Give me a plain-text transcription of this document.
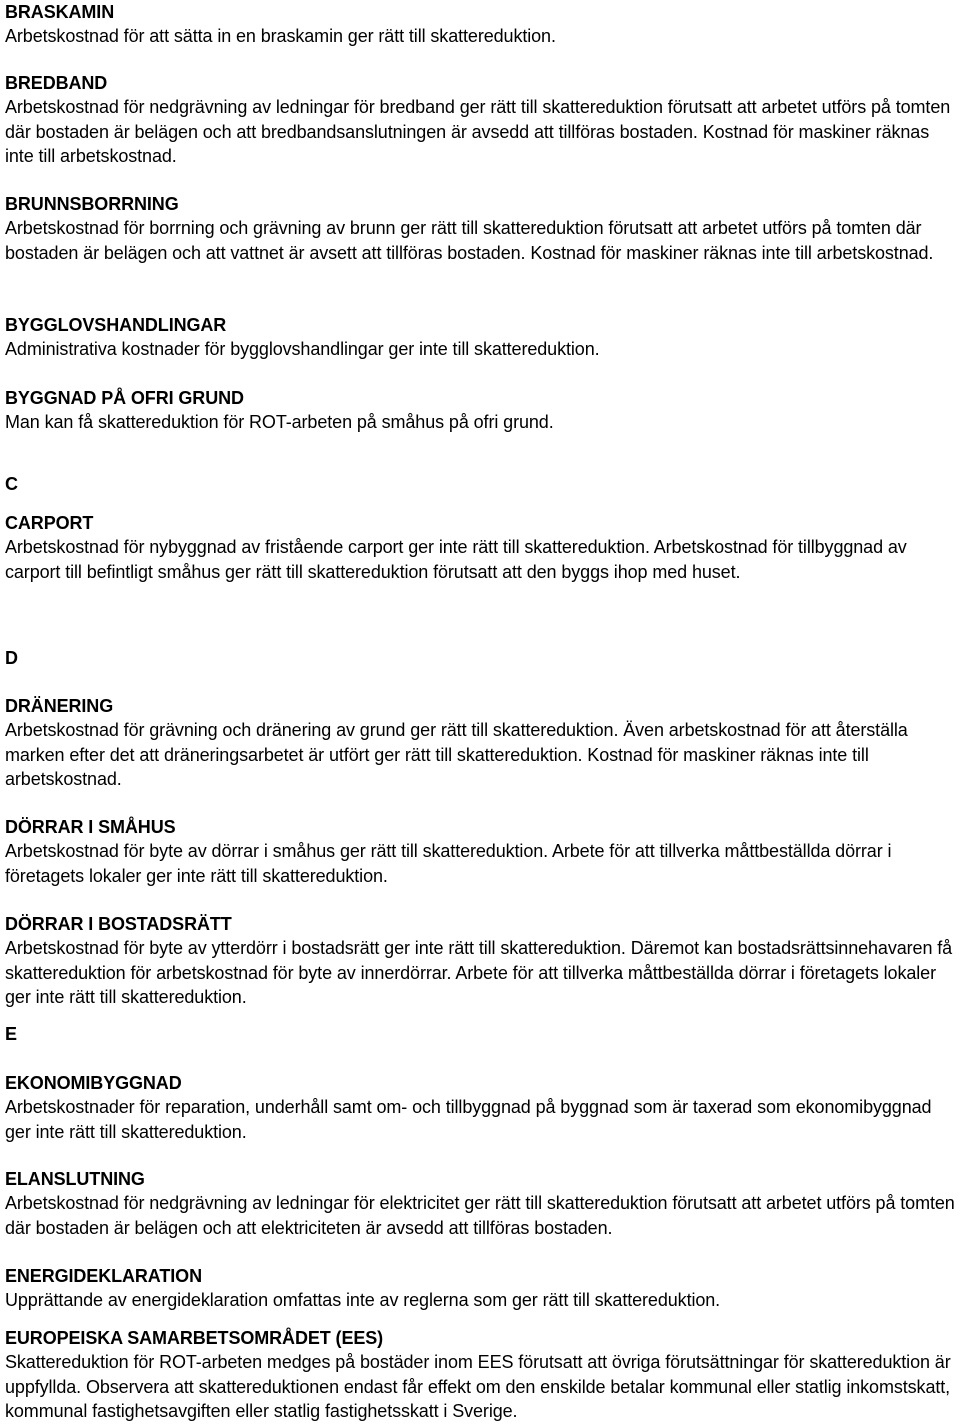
BRASKAMIN

Arbetskostnad för att sätta in en braskamin ger rätt till skattereduktion.

BREDBAND

Arbetskostnad för nedgrävning av ledningar för bredband ger rätt till skattereduktion förutsatt att arbetet utförs på tomten där bostaden är belägen och att bredbandsanslutningen är avsedd att tillföras bostaden. Kostnad för maskiner räknas inte till arbetskostnad.

BRUNNSBORRNING

Arbetskostnad för borrning och grävning av brunn ger rätt till skattereduktion förutsatt att arbetet utförs på tomten där bostaden är belägen och att vattnet är avsett att tillföras bostaden. Kostnad för maskiner räknas inte till arbetskostnad.

BYGGLOVSHANDLINGAR

Administrativa kostnader för bygglovshandlingar ger inte till skattereduktion.

BYGGNAD PÅ OFRI GRUND

Man kan få skattereduktion för ROT-arbeten på småhus på ofri grund.

C
CARPORT

Arbetskostnad för nybyggnad av fristående carport ger inte rätt till skattereduktion. Arbetskostnad för tillbyggnad av carport till befintligt småhus ger rätt till skattereduktion förutsatt att den byggs ihop med huset.

D
DRÄNERING

Arbetskostnad för grävning och dränering av grund ger rätt till skattereduktion. Även arbetskostnad för att återställa marken efter det att dräneringsarbetet är utfört ger rätt till skattereduktion. Kostnad för maskiner räknas inte till arbetskostnad.

DÖRRAR I SMÅHUS

Arbetskostnad för byte av dörrar i småhus ger rätt till skattereduktion. Arbete för att tillverka måttbeställda dörrar i företagets lokaler ger inte rätt till skattereduktion.

DÖRRAR I BOSTADSRÄTT

Arbetskostnad för byte av ytterdörr i bostadsrätt ger inte rätt till skattereduktion. Däremot kan bostadsrättsinnehavaren få skattereduktion för arbetskostnad för byte av innerdörrar. Arbete för att tillverka måttbeställda dörrar i företagets lokaler ger inte rätt till skattereduktion.

E
EKONOMIBYGGNAD

Arbetskostnader för reparation, underhåll samt om- och tillbyggnad på byggnad som är taxerad som ekonomibyggnad ger inte rätt till skattereduktion.

ELANSLUTNING

Arbetskostnad för nedgrävning av ledningar för elektricitet ger rätt till skattereduktion förutsatt att arbetet utförs på tomten där bostaden är belägen och att elektriciteten är avsedd att tillföras bostaden.

ENERGIDEKLARATION

Upprättande av energideklaration omfattas inte av reglerna som ger rätt till skattereduktion.

EUROPEISKA SAMARBETSOMRÅDET (EES)

Skattereduktion för ROT-arbeten medges på bostäder inom EES förutsatt att övriga förutsättningar för skattereduktion är uppfyllda. Observera att skattereduktionen endast får effekt om den enskilde betalar kommunal eller statlig inkomstskatt, kommunal fastighetsavgiften eller statlig fastighetsskatt i Sverige.
